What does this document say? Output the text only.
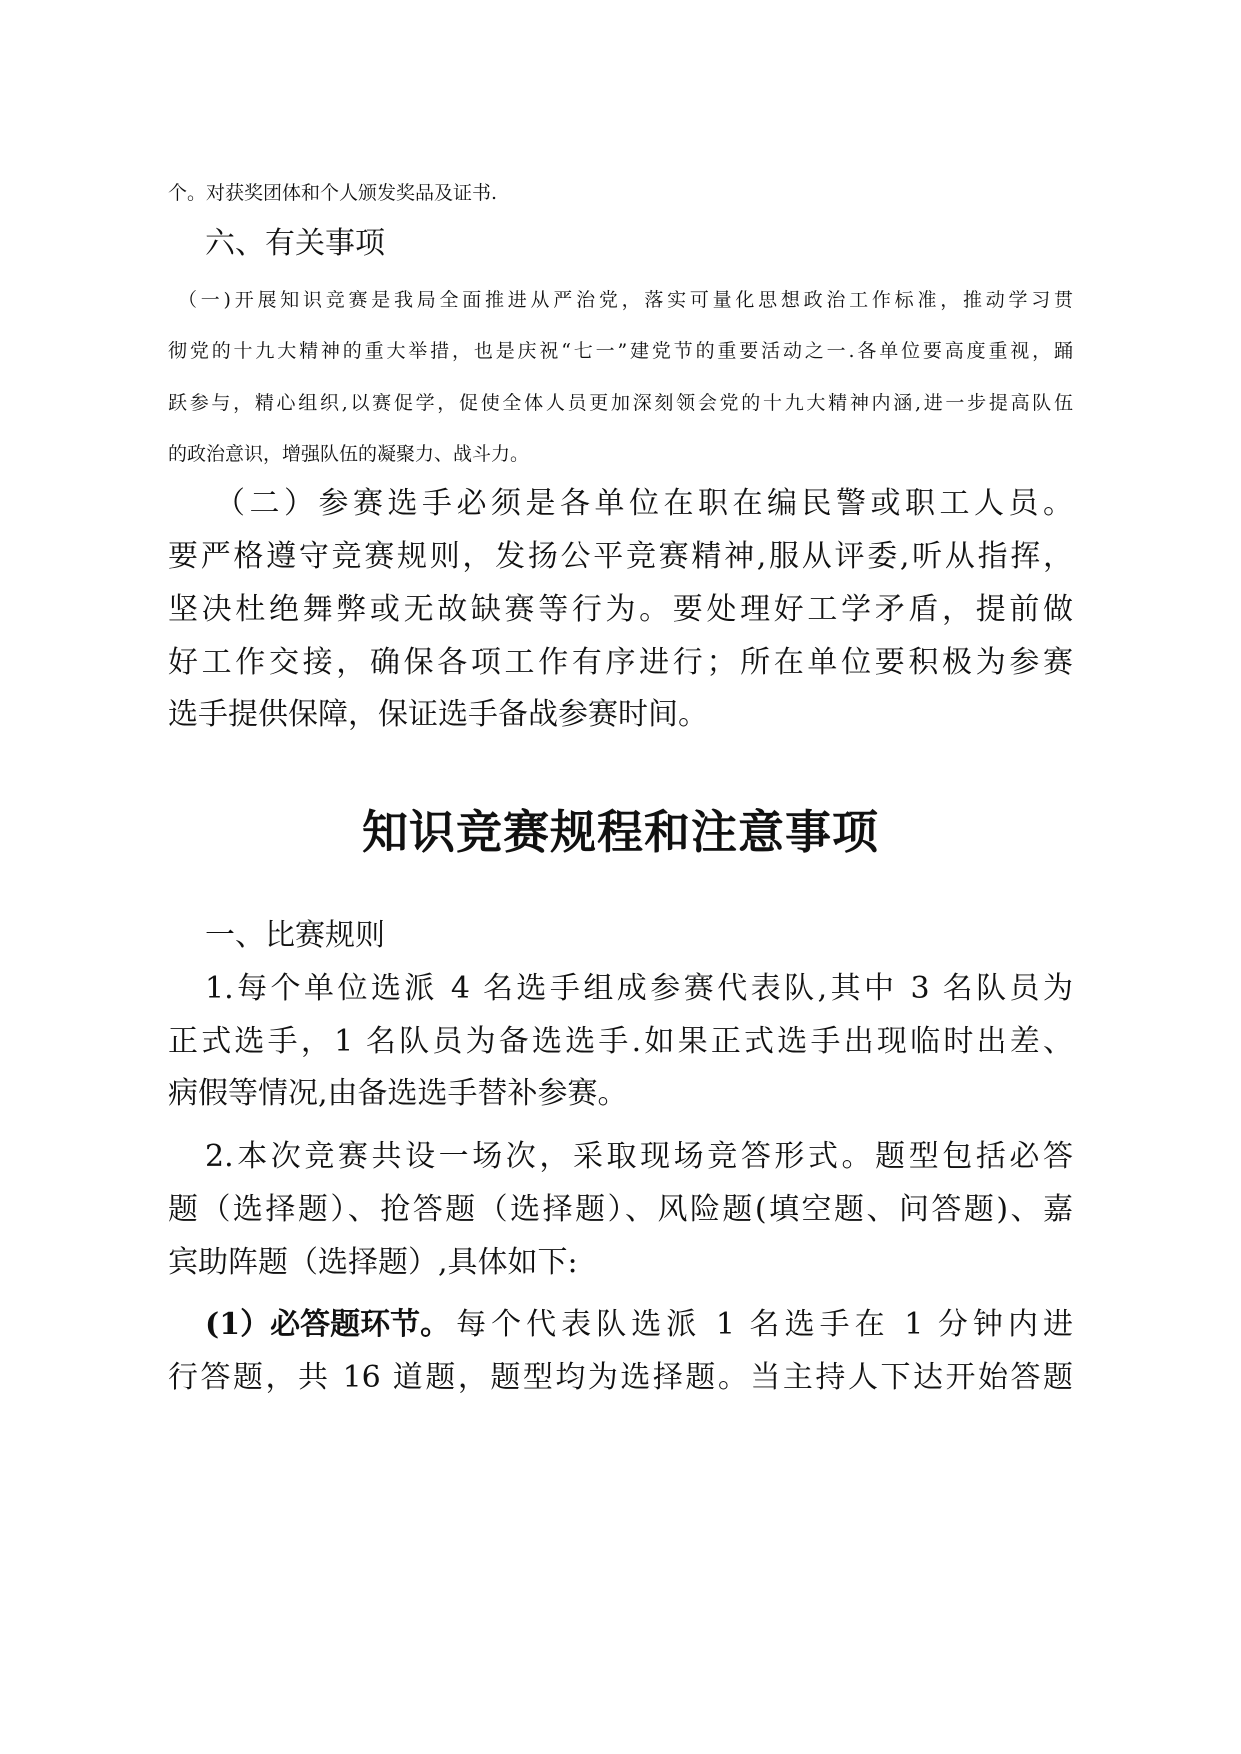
个。对获奖团体和个人颁发奖品及证书.
六、有关事项
（一)开展知识竞赛是我局全面推进从严治党，落实可量化思想政治工作标准，推动学习贯
彻党的十九大精神的重大举措，也是庆祝“七一”建党节的重要活动之一.各单位要高度重视，踊
跃参与，精心组织,以赛促学，促使全体人员更加深刻领会党的十九大精神内涵,进一步提高队伍
的政治意识，增强队伍的凝聚力、战斗力。
（二）参赛选手必须是各单位在职在编民警或职工人员。
要严格遵守竞赛规则，发扬公平竞赛精神,服从评委,听从指挥，
坚决杜绝舞弊或无故缺赛等行为。要处理好工学矛盾，提前做
好工作交接，确保各项工作有序进行；所在单位要积极为参赛
选手提供保障，保证选手备战参赛时间。
知识竞赛规程和注意事项
一、比赛规则
1.每个单位选派 4 名选手组成参赛代表队,其中 3 名队员为
正式选手，1 名队员为备选选手.如果正式选手出现临时出差、
病假等情况,由备选选手替补参赛。
2.本次竞赛共设一场次，采取现场竞答形式。题型包括必答
题（选择题）、抢答题（选择题）、风险题(填空题、问答题)、嘉
宾助阵题（选择题）,具体如下:
(1）必答题环节。 每个代表队选派 1 名选手在 1 分钟内进
行答题，共 16 道题，题型均为选择题。当主持人下达开始答题
